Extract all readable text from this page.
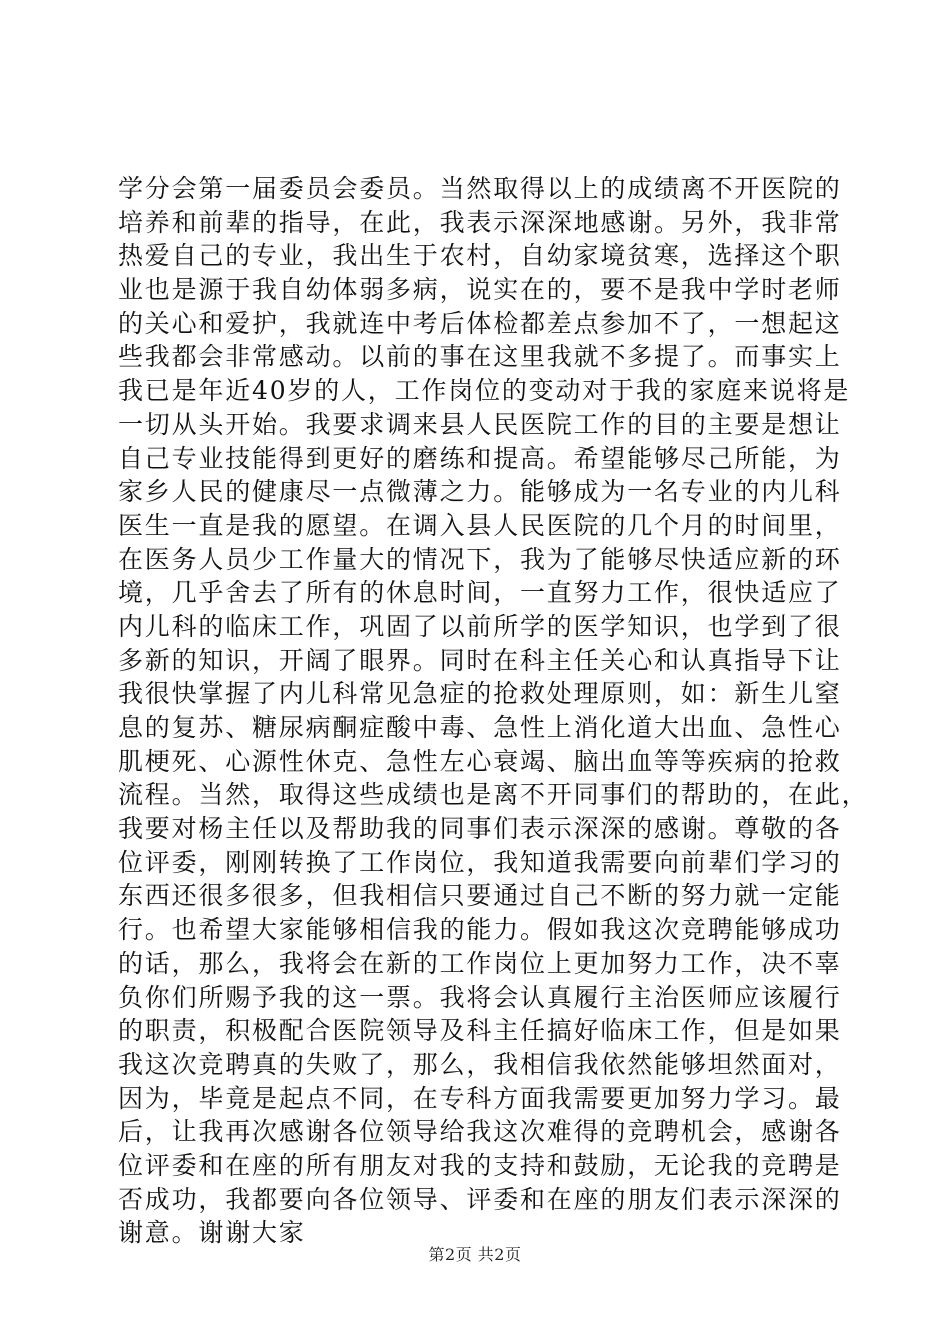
学分会第一届委员会委员。当然取得以上的成绩离不开医院的
培养和前辈的指导，在此，我表示深深地感谢。另外，我非常
热爱自己的专业，我出生于农村，自幼家境贫寒，选择这个职
业也是源于我自幼体弱多病，说实在的，要不是我中学时老师
的关心和爱护，我就连中考后体检都差点参加不了，一想起这
些我都会非常感动。以前的事在这里我就不多提了。而事实上
我已是年近40岁的人，工作岗位的变动对于我的家庭来说将是
一切从头开始。我要求调来县人民医院工作的目的主要是想让
自己专业技能得到更好的磨练和提高。希望能够尽己所能，为
家乡人民的健康尽一点微薄之力。能够成为一名专业的内儿科
医生一直是我的愿望。在调入县人民医院的几个月的时间里，
在医务人员少工作量大的情况下，我为了能够尽快适应新的环
境，几乎舍去了所有的休息时间，一直努力工作，很快适应了
内儿科的临床工作，巩固了以前所学的医学知识，也学到了很
多新的知识，开阔了眼界。同时在科主任关心和认真指导下让
我很快掌握了内儿科常见急症的抢救处理原则，如：新生儿窒
息的复苏、糖尿病酮症酸中毒、急性上消化道大出血、急性心
肌梗死、心源性休克、急性左心衰竭、脑出血等等疾病的抢救
流程。当然，取得这些成绩也是离不开同事们的帮助的，在此，
我要对杨主任以及帮助我的同事们表示深深的感谢。尊敬的各
位评委，刚刚转换了工作岗位，我知道我需要向前辈们学习的
东西还很多很多，但我相信只要通过自己不断的努力就一定能
行。也希望大家能够相信我的能力。假如我这次竞聘能够成功
的话，那么，我将会在新的工作岗位上更加努力工作，决不辜
负你们所赐予我的这一票。我将会认真履行主治医师应该履行
的职责，积极配合医院领导及科主任搞好临床工作，但是如果
我这次竞聘真的失败了，那么，我相信我依然能够坦然面对，
因为，毕竟是起点不同，在专科方面我需要更加努力学习。最
后，让我再次感谢各位领导给我这次难得的竞聘机会，感谢各
位评委和在座的所有朋友对我的支持和鼓励，无论我的竞聘是
否成功，我都要向各位领导、评委和在座的朋友们表示深深的
谢意。谢谢大家
第2页 共2页
